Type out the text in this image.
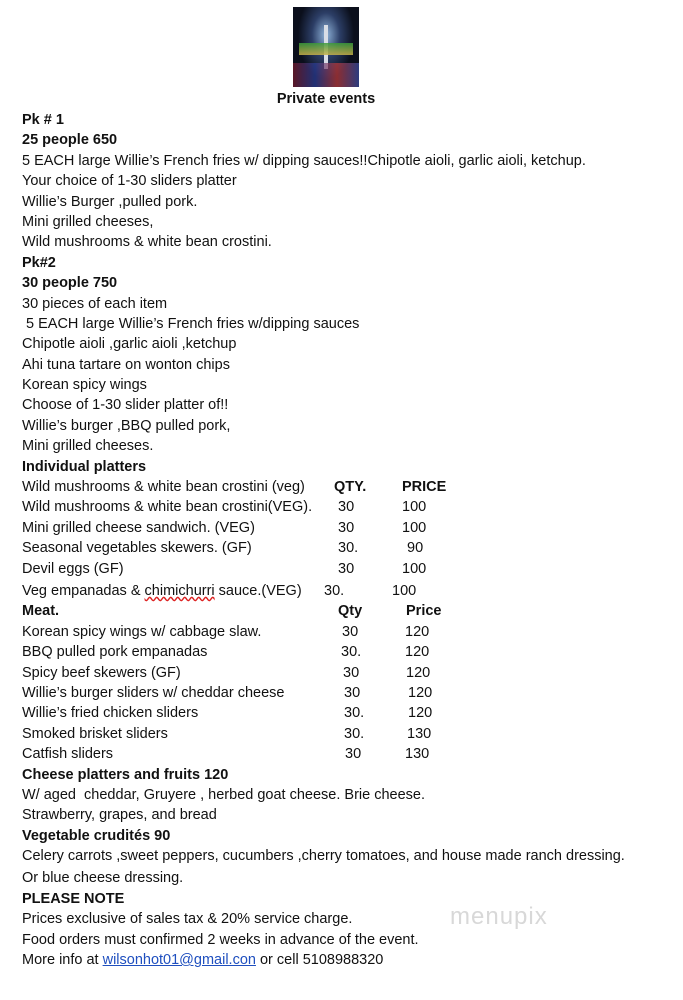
Private events
Pk # 1
25 people 650
5 EACH large Willie’s French fries w/ dipping sauces!!Chipotle aioli, garlic aioli, ketchup.
Your choice of 1-30 sliders platter
Willie’s Burger ,pulled pork.
Mini grilled cheeses,
Wild mushrooms & white bean crostini.
Pk#2
30 people 750
30 pieces of each item
5 EACH large Willie’s French fries w/dipping sauces
Chipotle aioli ,garlic aioli ,ketchup
Ahi tuna tartare on wonton chips
Korean spicy wings
Choose of 1-30 slider platter of!!
Willie’s burger ,BBQ pulled pork,
Mini grilled cheeses.
Individual platters
Wild mushrooms & white bean crostini (veg) QTY. PRICE
Wild mushrooms & white bean crostini(VEG). 30	100
Mini grilled cheese sandwich. (VEG)	30	100
Seasonal vegetables skewers. (GF)	30.	90
Devil eggs (GF)	30	100
Veg empanadas & chimichurri sauce.(VEG) 30.	100
Meat.	Qty	Price
Korean spicy wings w/ cabbage slaw.	30	120
BBQ pulled pork empanadas	30.	120
Spicy beef skewers (GF)	30	120
Willie’s burger sliders w/ cheddar cheese	30	120
Willie’s fried chicken sliders	30.	120
Smoked brisket sliders	30.	130
Catfish sliders	30	130
Cheese platters and fruits 120
W/ aged  cheddar, Gruyere , herbed goat cheese. Brie cheese.
Strawberry, grapes, and bread
Vegetable crudités 90
Celery carrots ,sweet peppers, cucumbers ,cherry tomatoes, and house made ranch dressing.
Or blue cheese dressing.
PLEASE NOTE
Prices exclusive of sales tax & 20% service charge.
Food orders must confirmed 2 weeks in advance of the event.
More info at wilsonhot01@gmail.con or cell 5108988320
menupix
